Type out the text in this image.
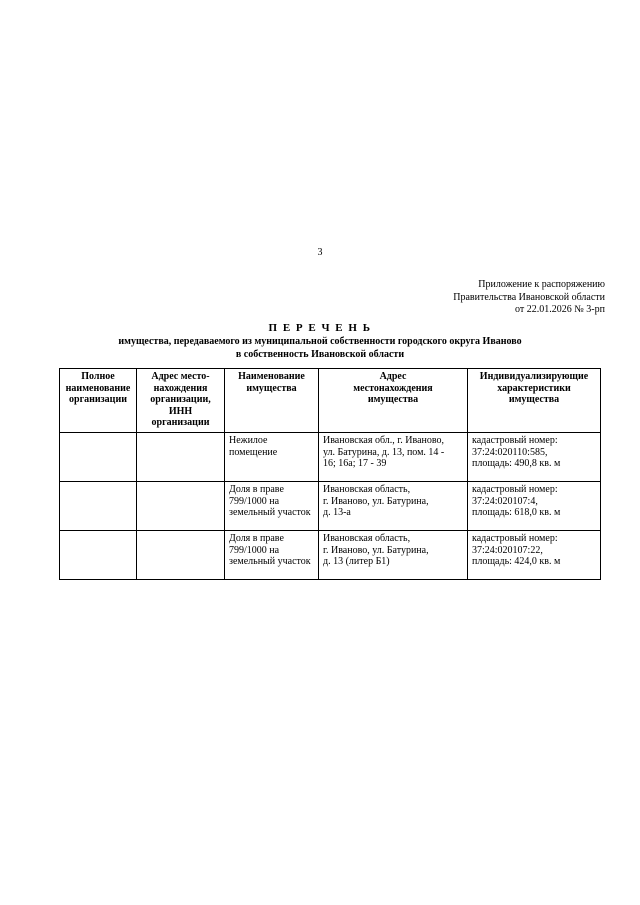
3
Приложение к распоряжению
Правительства Ивановской области
от 22.01.2026 № 3-рп
П Е Р Е Ч Е Н Ь
имущества, передаваемого из муниципальной собственности городского округа Иваново
в собственность Ивановской области
Полное
наименование
организации	Адрес место-
нахождения
организации,
ИНН
организации	Наименование
имущества	Адрес
местонахождения
имущества	Индивидуализирующие
характеристики
имущества

		Нежилое
помещение	Ивановская обл., г. Иваново,
ул. Батурина, д. 13, пом. 14 -
16; 16а; 17 - 39	кадастровый номер:
37:24:020110:585,
площадь: 490,8 кв. м

		Доля в праве
799/1000 на
земельный участок	Ивановская область,
г. Иваново, ул. Батурина,
д. 13-а	кадастровый номер:
37:24:020107:4,
площадь: 618,0 кв. м

		Доля в праве
799/1000 на
земельный участок	Ивановская область,
г. Иваново, ул. Батурина,
д. 13 (литер Б1)	кадастровый номер:
37:24:020107:22,
площадь: 424,0 кв. м
